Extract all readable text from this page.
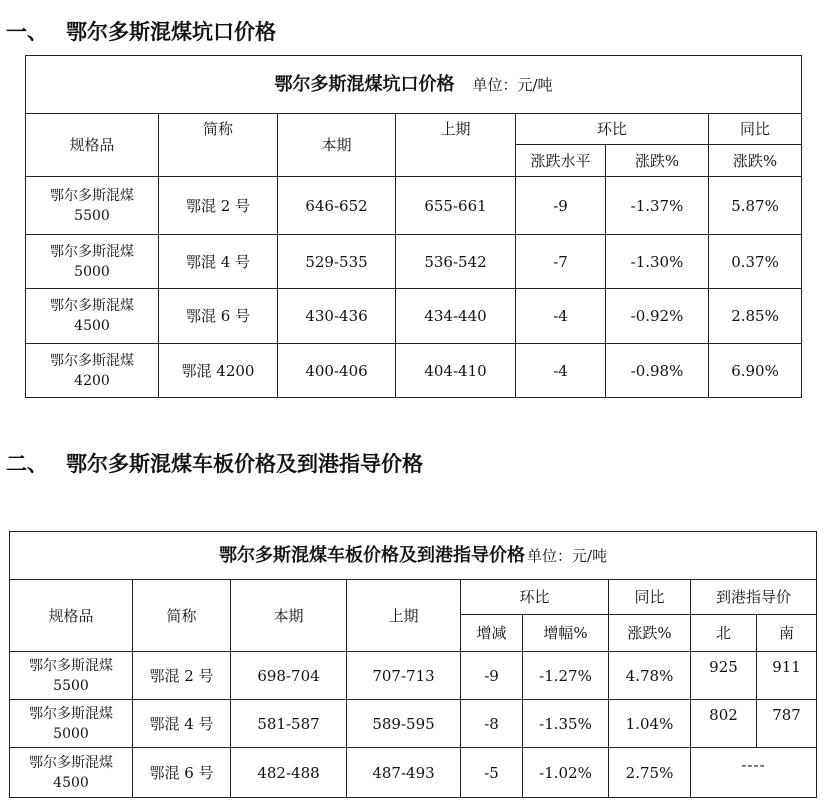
一、 鄂尔多斯混煤坑口价格
鄂尔多斯混煤坑口价格 单位：元/吨						
规格品	简称	本期	上期	环比		同比
				涨跌水平	涨跌%	涨跌%
鄂尔多斯混煤
5500	鄂混 2 号	646-652	655-661	-9	-1.37%	5.87%
鄂尔多斯混煤
5000	鄂混 4 号	529-535	536-542	-7	-1.30%	0.37%
鄂尔多斯混煤
4500	鄂混 6 号	430-436	434-440	-4	-0.92%	2.85%
鄂尔多斯混煤
4200	鄂混 4200	400-406	404-410	-4	-0.98%	6.90%
二、 鄂尔多斯混煤车板价格及到港指导价格
鄂尔多斯混煤车板价格及到港指导价格 单位：元/吨								
规格品	简称	本期	上期	环比		同比	到港指导价	
				增减	增幅%	涨跌%	北	南
鄂尔多斯混煤
5500	鄂混 2 号	698-704	707-713	-9	-1.27%	4.78%	925	911
鄂尔多斯混煤
5000	鄂混 4 号	581-587	589-595	-8	-1.35%	1.04%	802	787
鄂尔多斯混煤
4500	鄂混 6 号	482-488	487-493	-5	-1.02%	2.75%	----	
